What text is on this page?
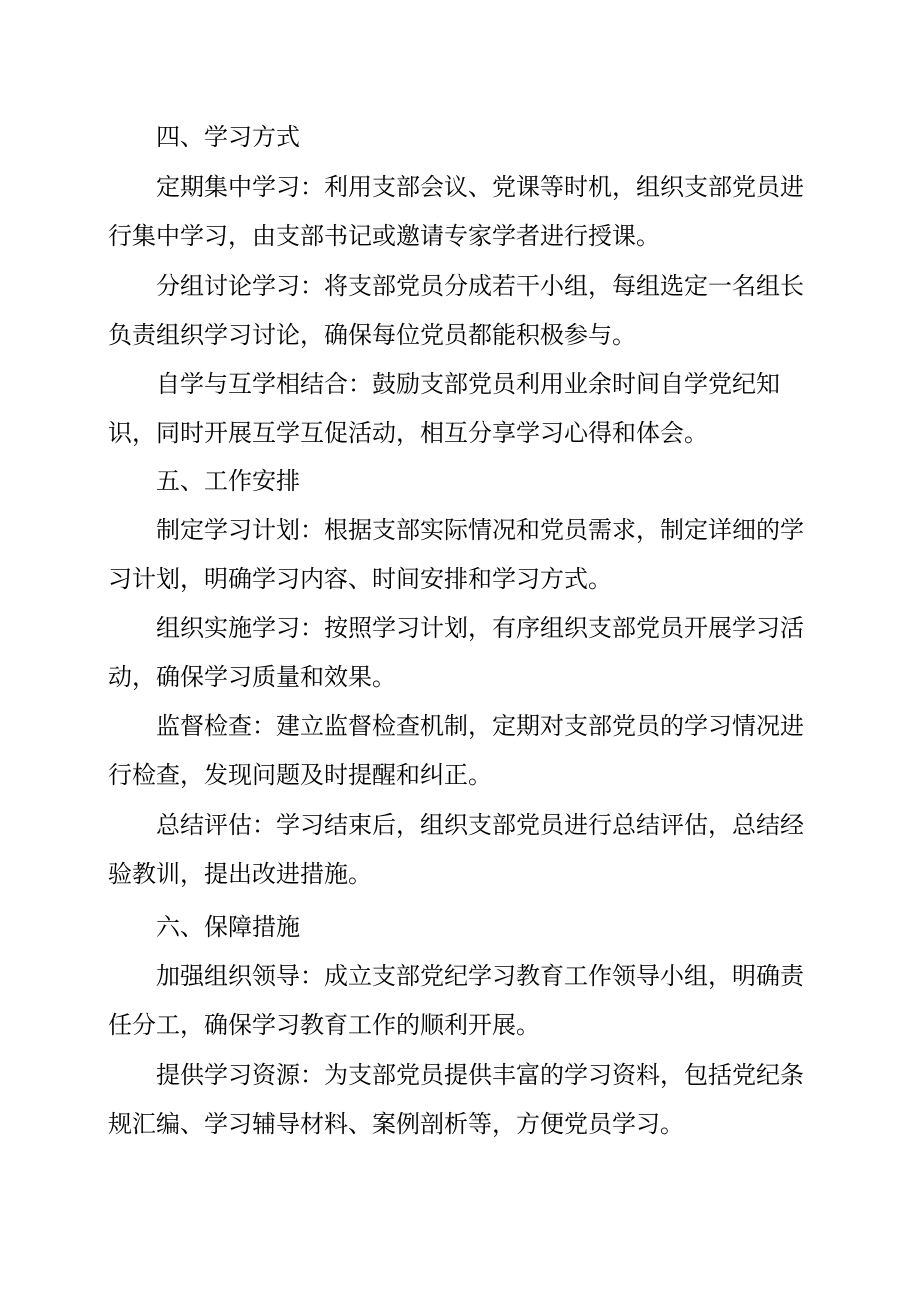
四、学习方式

定期集中学习：利用支部会议、党课等时机，组织支部党员进行集中学习，由支部书记或邀请专家学者进行授课。

分组讨论学习：将支部党员分成若干小组，每组选定一名组长负责组织学习讨论，确保每位党员都能积极参与。

自学与互学相结合：鼓励支部党员利用业余时间自学党纪知识，同时开展互学互促活动，相互分享学习心得和体会。

五、工作安排

制定学习计划：根据支部实际情况和党员需求，制定详细的学习计划，明确学习内容、时间安排和学习方式。

组织实施学习：按照学习计划，有序组织支部党员开展学习活动，确保学习质量和效果。

监督检查：建立监督检查机制，定期对支部党员的学习情况进行检查，发现问题及时提醒和纠正。

总结评估：学习结束后，组织支部党员进行总结评估，总结经验教训，提出改进措施。

六、保障措施

加强组织领导：成立支部党纪学习教育工作领导小组，明确责任分工，确保学习教育工作的顺利开展。

提供学习资源：为支部党员提供丰富的学习资料，包括党纪条规汇编、学习辅导材料、案例剖析等，方便党员学习。
